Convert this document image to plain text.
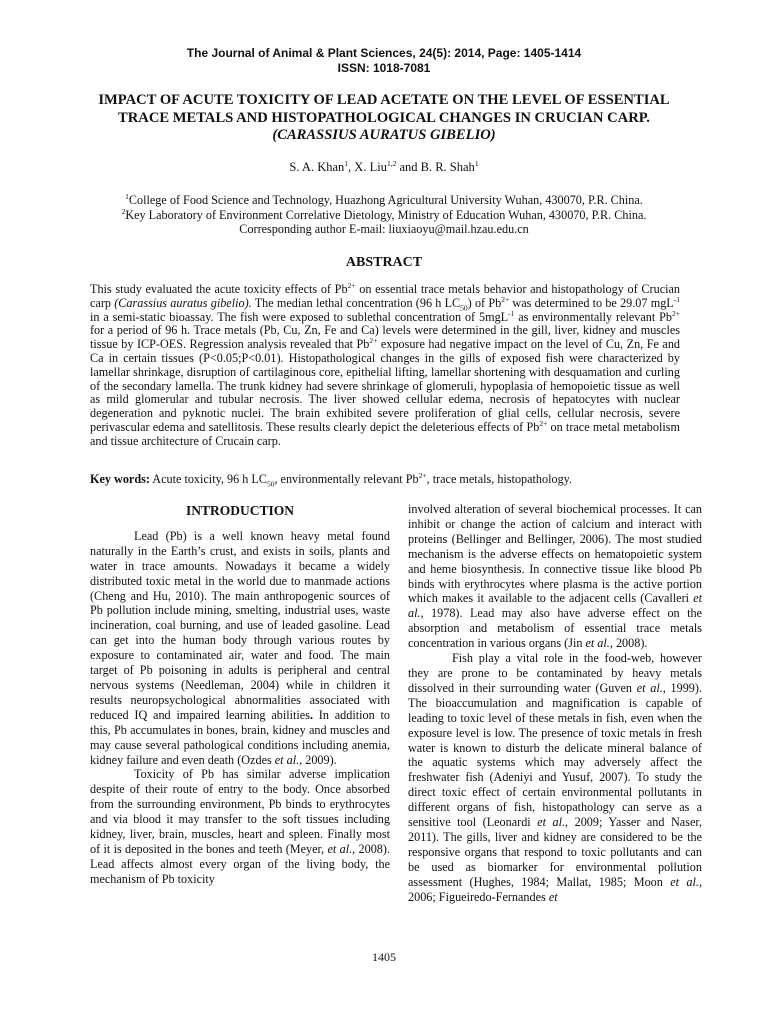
The Journal of Animal & Plant Sciences, 24(5): 2014, Page: 1405-1414
ISSN: 1018-7081
IMPACT OF ACUTE TOXICITY OF LEAD ACETATE ON THE LEVEL OF ESSENTIAL
TRACE METALS AND HISTOPATHOLOGICAL CHANGES IN CRUCIAN CARP.
(CARASSIUS AURATUS GIBELIO)
S. A. Khan$^1$, X. Liu$^{1,2}$ and B. R. Shah$^1$
$^1$College of Food Science and Technology, Huazhong Agricultural University Wuhan, 430070, P.R. China.
$^2$Key Laboratory of Environment Correlative Dietology, Ministry of Education Wuhan, 430070, P.R. China.
Corresponding author E-mail: liuxiaoyu@mail.hzau.edu.cn
ABSTRACT

This study evaluated the acute toxicity effects of $Pb^{2+}$ on essential trace metals behavior and histopathology of Crucian carp (Carassius auratus gibelio). The median lethal concentration (96 h $LC_{50}$) of $Pb^{2+}$ was determined to be 29.07 mgL$^{-1}$ in a semi-static bioassay. The fish were exposed to sublethal concentration of 5mgL$^{-1}$ as environmentally relevant $Pb^{2+}$ for a period of 96 h. Trace metals (Pb, Cu, Zn, Fe and Ca) levels were determined in the gill, liver, kidney and muscles tissue by ICP-OES. Regression analysis revealed that $Pb^{2+}$ exposure had negative impact on the level of Cu, Zn, Fe and Ca in certain tissues (P<0.05;P<0.01). Histopathological changes in the gills of exposed fish were characterized by lamellar shrinkage, disruption of cartilaginous core, epithelial lifting, lamellar shortening with desquamation and curling of the secondary lamella. The trunk kidney had severe shrinkage of glomeruli, hypoplasia of hemopoietic tissue as well as mild glomerular and tubular necrosis. The liver showed cellular edema, necrosis of hepatocytes with nuclear degeneration and pyknotic nuclei. The brain exhibited severe proliferation of glial cells, cellular necrosis, severe perivascular edema and satellitosis. These results clearly depict the deleterious effects of $Pb^{2+}$ on trace metal metabolism and tissue architecture of Crucain carp.

Key words: Acute toxicity, 96 h $LC_{50}$, environmentally relevant $Pb^{2+}$, trace metals, histopathology.

INTRODUCTION

Lead (Pb) is a well known heavy metal found naturally in the Earth’s crust, and exists in soils, plants and water in trace amounts. Nowadays it became a widely distributed toxic metal in the world due to manmade actions (Cheng and Hu, 2010). The main anthropogenic sources of Pb pollution include mining, smelting, industrial uses, waste incineration, coal burning, and use of leaded gasoline. Lead can get into the human body through various routes by exposure to contaminated air, water and food. The main target of Pb poisoning in adults is peripheral and central nervous systems (Needleman, 2004) while in children it results neuropsychological abnormalities associated with reduced IQ and impaired learning abilities. In addition to this, Pb accumulates in bones, brain, kidney and muscles and may cause several pathological conditions including anemia, kidney failure and even death (Ozdes et al., 2009).

Toxicity of Pb has similar adverse implication despite of their route of entry to the body. Once absorbed from the surrounding environment, Pb binds to erythrocytes and via blood it may transfer to the soft tissues including kidney, liver, brain, muscles, heart and spleen. Finally most of it is deposited in the bones and teeth (Meyer, et al., 2008). Lead affects almost every organ of the living body, the mechanism of Pb toxicity

involved alteration of several biochemical processes. It can inhibit or change the action of calcium and interact with proteins (Bellinger and Bellinger, 2006). The most studied mechanism is the adverse effects on hematopoietic system and heme biosynthesis. In connective tissue like blood Pb binds with erythrocytes where plasma is the active portion which makes it available to the adjacent cells (Cavalleri et al., 1978). Lead may also have adverse effect on the absorption and metabolism of essential trace metals concentration in various organs (Jin et al., 2008).

Fish play a vital role in the food-web, however they are prone to be contaminated by heavy metals dissolved in their surrounding water (Guven et al., 1999). The bioaccumulation and magnification is capable of leading to toxic level of these metals in fish, even when the exposure level is low. The presence of toxic metals in fresh water is known to disturb the delicate mineral balance of the aquatic systems which may adversely affect the freshwater fish (Adeniyi and Yusuf, 2007). To study the direct toxic effect of certain environmental pollutants in different organs of fish, histopathology can serve as a sensitive tool (Leonardi et al., 2009; Yasser and Naser, 2011). The gills, liver and kidney are considered to be the responsive organs that respond to toxic pollutants and can be used as biomarker for environmental pollution assessment (Hughes, 1984; Mallat, 1985; Moon et al., 2006; Figueiredo-Fernandes et

1405
